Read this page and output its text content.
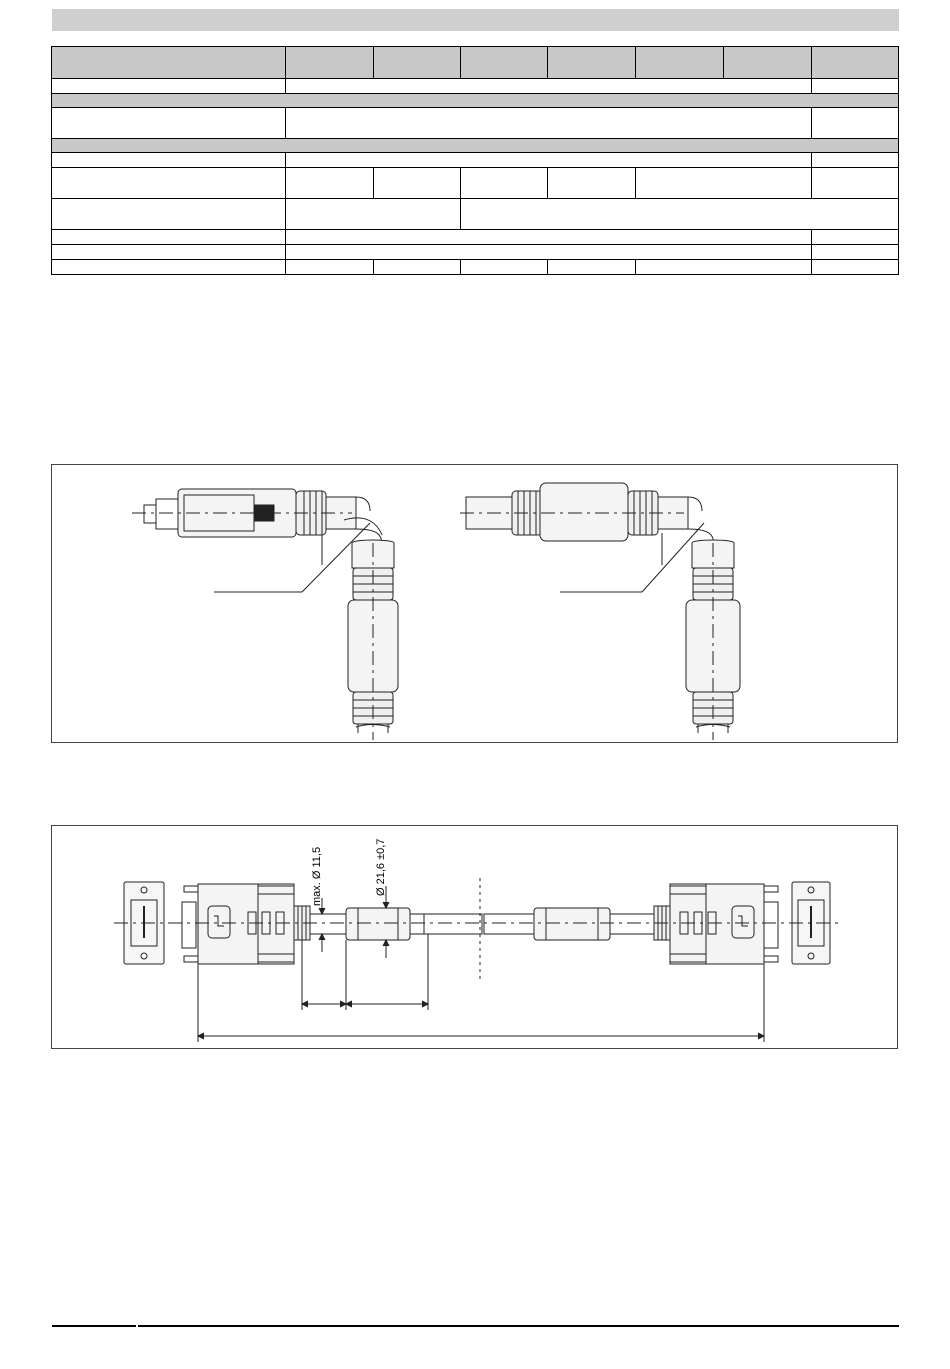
max. Ø 11,5	Ø 21,6 ±0,7
